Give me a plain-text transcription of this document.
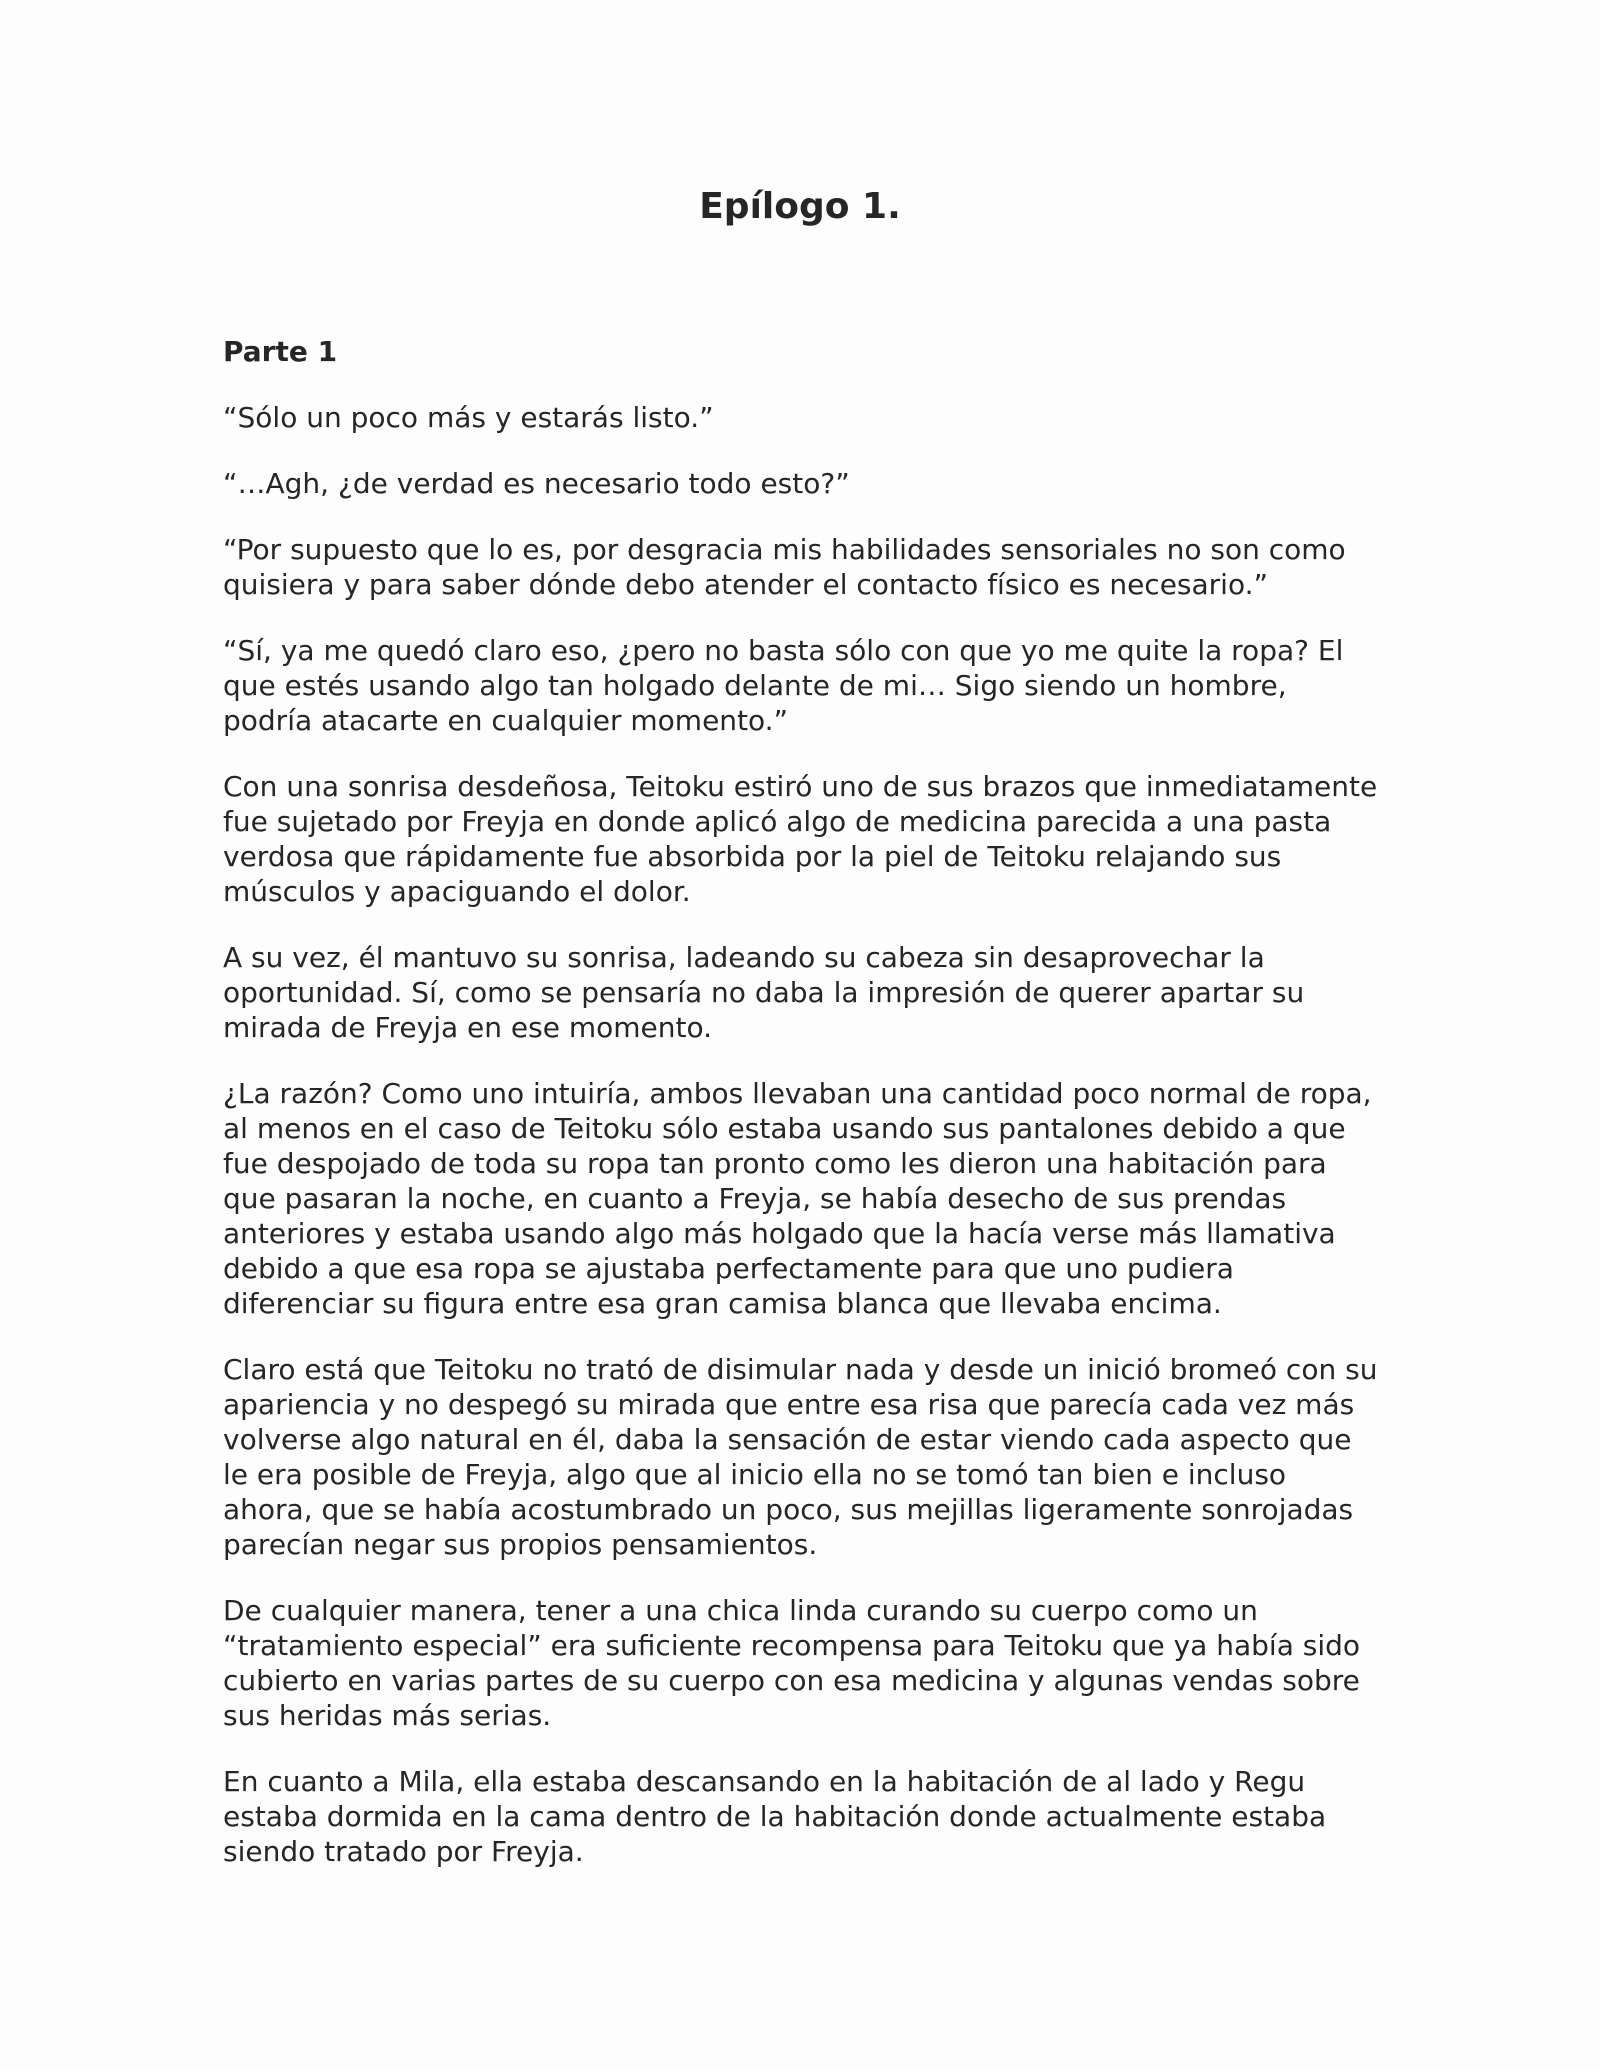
Epílogo 1.
Parte 1

“Sólo un poco más y estarás listo.”

“…Agh, ¿de verdad es necesario todo esto?”

“Por supuesto que lo es, por desgracia mis habilidades sensoriales no son como quisiera y para saber dónde debo atender el contacto físico es necesario.”

“Sí, ya me quedó claro eso, ¿pero no basta sólo con que yo me quite la ropa? El que estés usando algo tan holgado delante de mi… Sigo siendo un hombre, podría atacarte en cualquier momento.”

Con una sonrisa desdeñosa, Teitoku estiró uno de sus brazos que inmediatamente fue sujetado por Freyja en donde aplicó algo de medicina parecida a una pasta verdosa que rápidamente fue absorbida por la piel de Teitoku relajando sus músculos y apaciguando el dolor.

A su vez, él mantuvo su sonrisa, ladeando su cabeza sin desaprovechar la oportunidad. Sí, como se pensaría no daba la impresión de querer apartar su mirada de Freyja en ese momento.

¿La razón? Como uno intuiría, ambos llevaban una cantidad poco normal de ropa, al menos en el caso de Teitoku sólo estaba usando sus pantalones debido a que fue despojado de toda su ropa tan pronto como les dieron una habitación para que pasaran la noche, en cuanto a Freyja, se había desecho de sus prendas anteriores y estaba usando algo más holgado que la hacía verse más llamativa debido a que esa ropa se ajustaba perfectamente para que uno pudiera diferenciar su figura entre esa gran camisa blanca que llevaba encima.

Claro está que Teitoku no trató de disimular nada y desde un inició bromeó con su apariencia y no despegó su mirada que entre esa risa que parecía cada vez más volverse algo natural en él, daba la sensación de estar viendo cada aspecto que le era posible de Freyja, algo que al inicio ella no se tomó tan bien e incluso ahora, que se había acostumbrado un poco, sus mejillas ligeramente sonrojadas parecían negar sus propios pensamientos.

De cualquier manera, tener a una chica linda curando su cuerpo como un “tratamiento especial” era suficiente recompensa para Teitoku que ya había sido cubierto en varias partes de su cuerpo con esa medicina y algunas vendas sobre sus heridas más serias.

En cuanto a Mila, ella estaba descansando en la habitación de al lado y Regu estaba dormida en la cama dentro de la habitación donde actualmente estaba siendo tratado por Freyja.
